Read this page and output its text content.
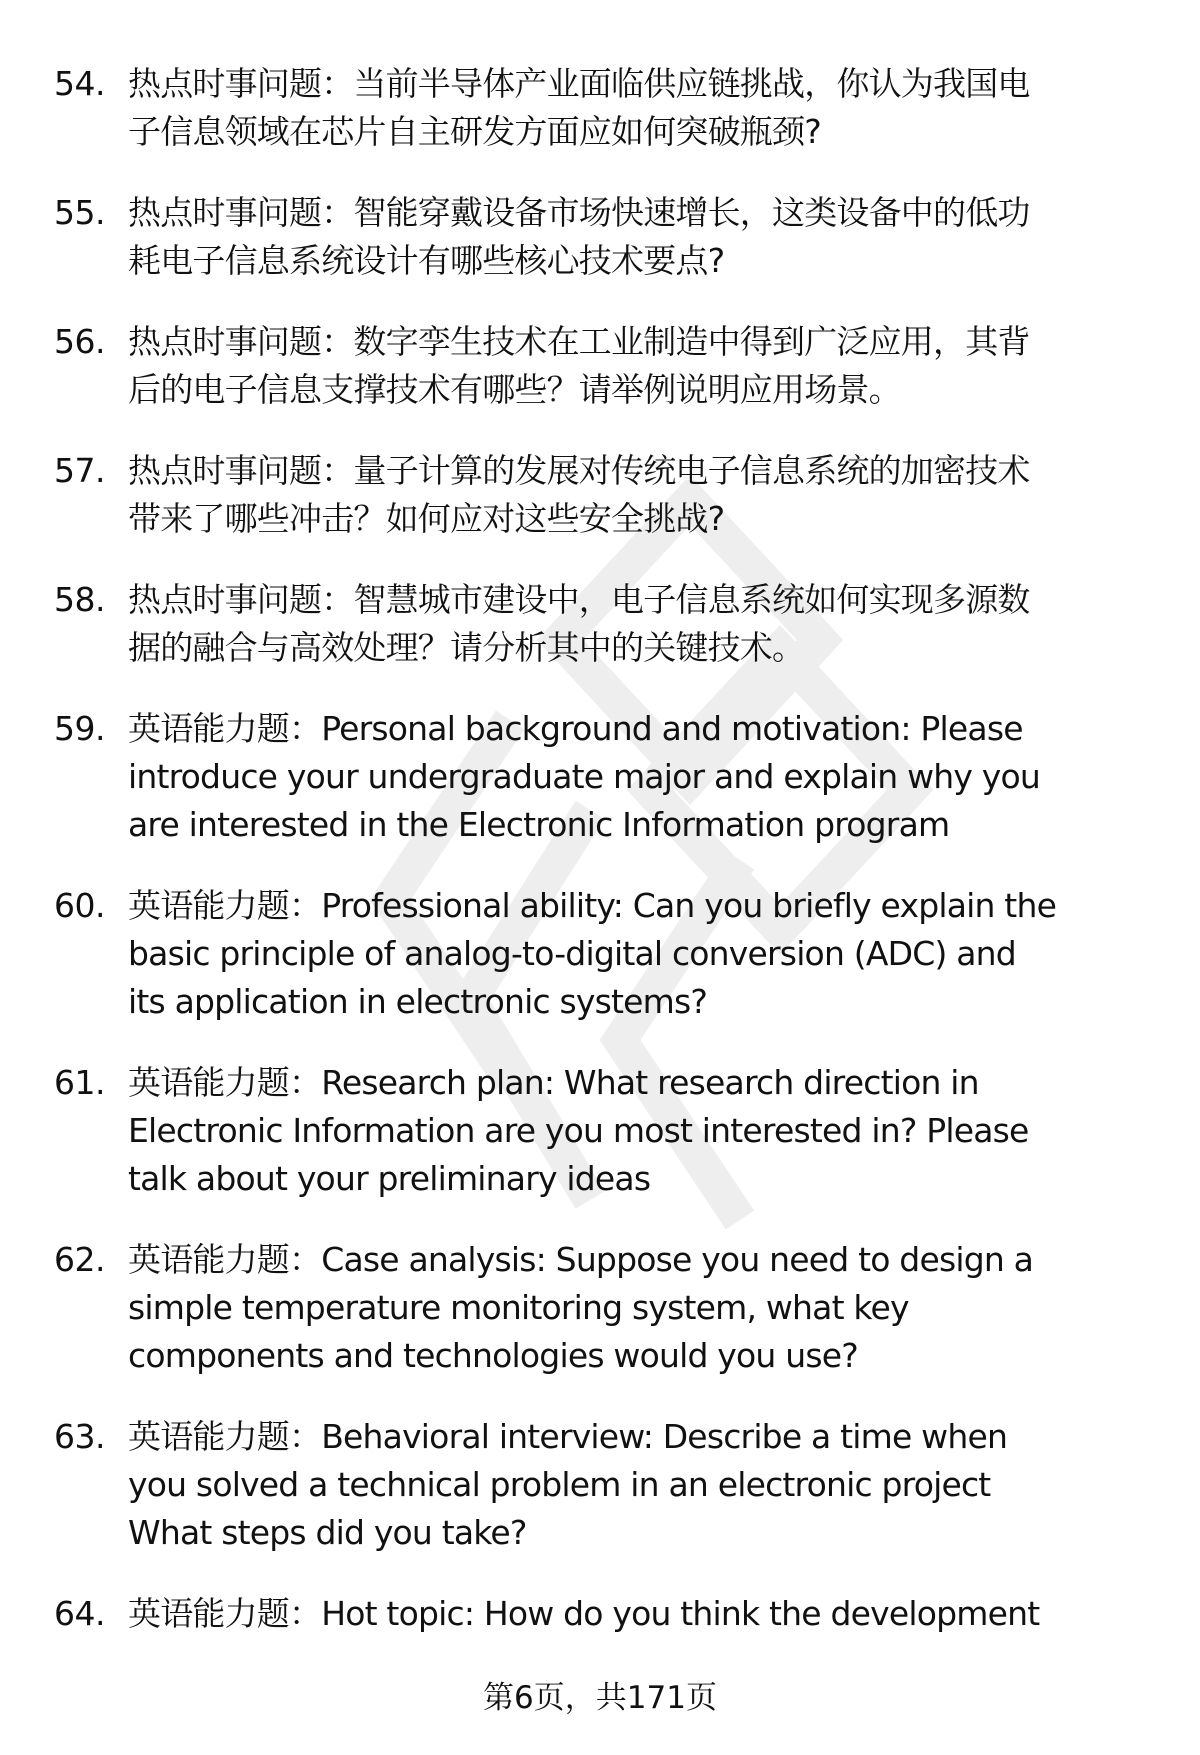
54. 热点时事问题：当前半导体产业面临供应链挑战，你认为我国电
子信息领域在芯片自主研发方面应如何突破瓶颈?
55. 热点时事问题：智能穿戴设备市场快速增长，这类设备中的低功
耗电子信息系统设计有哪些核心技术要点?
56. 热点时事问题：数字孪生技术在工业制造中得到广泛应用，其背
后的电子信息支撑技术有哪些？请举例说明应用场景。
57. 热点时事问题：量子计算的发展对传统电子信息系统的加密技术
带来了哪些冲击？如何应对这些安全挑战?
58. 热点时事问题：智慧城市建设中，电子信息系统如何实现多源数
据的融合与高效处理？请分析其中的关键技术。
59. 英语能力题：Personal background and motivation: Please
introduce your undergraduate major and explain why you
are interested in the Electronic Information program
60. 英语能力题：Professional ability: Can you briefly explain the
basic principle of analog-to-digital conversion (ADC) and
its application in electronic systems?
61. 英语能力题：Research plan: What research direction in
Electronic Information are you most interested in? Please
talk about your preliminary ideas
62. 英语能力题：Case analysis: Suppose you need to design a
simple temperature monitoring system, what key
components and technologies would you use?
63. 英语能力题：Behavioral interview: Describe a time when
you solved a technical problem in an electronic project
What steps did you take?
64. 英语能力题：Hot topic: How do you think the development
第6页，共171页
